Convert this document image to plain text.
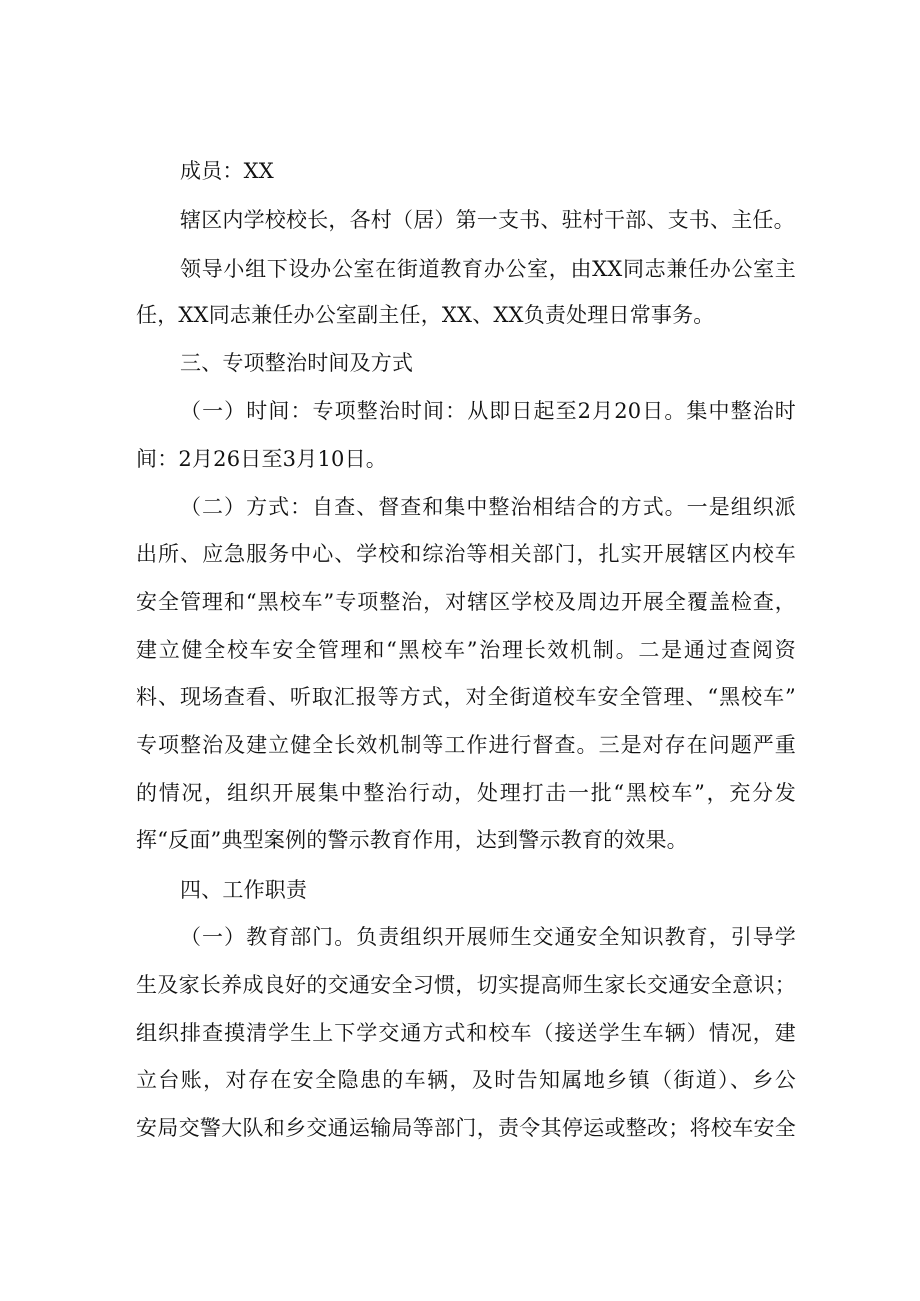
成员：XX
辖区内学校校长，各村（居）第一支书、驻村干部、支书、主任。
领导小组下设办公室在街道教育办公室，由XX同志兼任办公室主
任，XX同志兼任办公室副主任，XX、XX负责处理日常事务。
三、专项整治时间及方式
（一）时间：专项整治时间：从即日起至2月20日。集中整治时
间：2月26日至3月10日。
（二）方式：自查、督查和集中整治相结合的方式。一是组织派
出所、应急服务中心、学校和综治等相关部门，扎实开展辖区内校车
安全管理和“黑校车”专项整治，对辖区学校及周边开展全覆盖检查，
建立健全校车安全管理和“黑校车”治理长效机制。二是通过查阅资
料、现场查看、听取汇报等方式，对全街道校车安全管理、“黑校车”
专项整治及建立健全长效机制等工作进行督查。三是对存在问题严重
的情况，组织开展集中整治行动，处理打击一批“黑校车”，充分发
挥“反面”典型案例的警示教育作用，达到警示教育的效果。
四、工作职责
（一）教育部门。负责组织开展师生交通安全知识教育，引导学
生及家长养成良好的交通安全习惯，切实提高师生家长交通安全意识；
组织排查摸清学生上下学交通方式和校车（接送学生车辆）情况，建
立台账，对存在安全隐患的车辆，及时告知属地乡镇（街道）、乡公
安局交警大队和乡交通运输局等部门，责令其停运或整改；将校车安全
